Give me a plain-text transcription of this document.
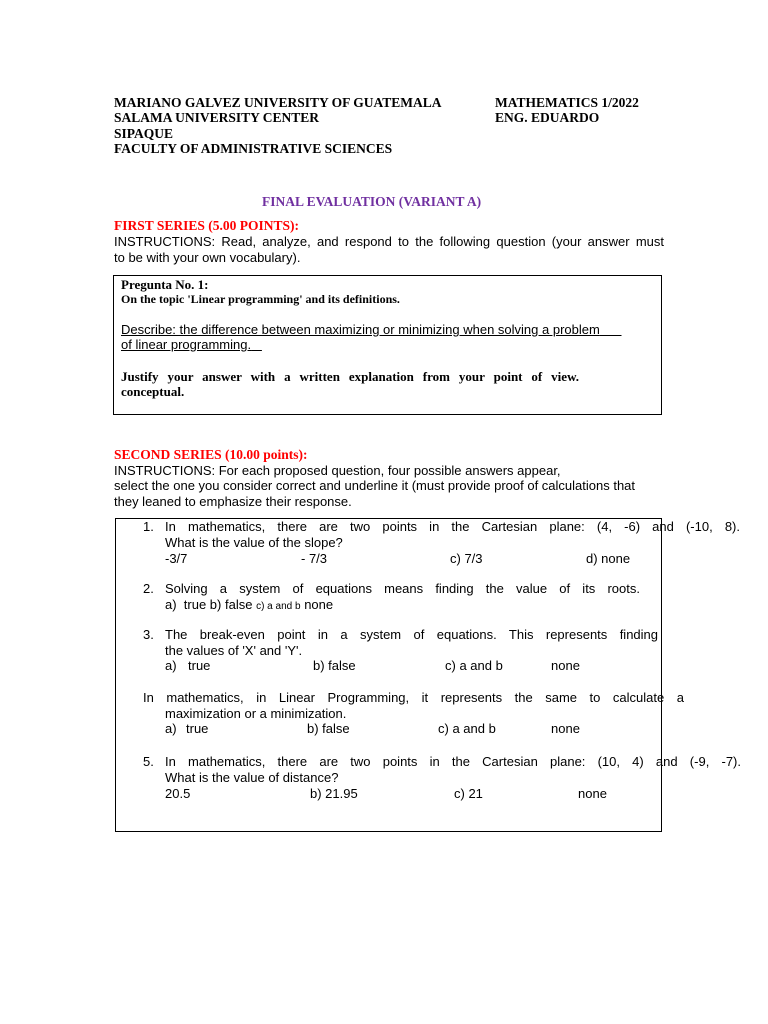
MARIANO GALVEZ UNIVERSITY OF GUATEMALA
SALAMA UNIVERSITY CENTER
SIPAQUE
FACULTY OF ADMINISTRATIVE SCIENCES
MATHEMATICS 1/2022
ENG. EDUARDO
FINAL EVALUATION (VARIANT A)
FIRST SERIES (5.00 POINTS):
INSTRUCTIONS: Read, analyze, and respond to the following question (your answer must
to be with your own vocabulary).
Pregunta No. 1:
On the topic 'Linear programming' and its definitions.
Describe: the difference between maximizing or minimizing when solving a problem
of linear programming.
Justify your answer with a written explanation from your point of view.
conceptual.
SECOND SERIES (10.00 points):
INSTRUCTIONS: For each proposed question, four possible answers appear,
select the one you consider correct and underline it (must provide proof of calculations that
they leaned to emphasize their response.
1. In mathematics, there are two points in the Cartesian plane: (4, -6) and (-10, 8).
What is the value of the slope?
-3/7	- 7/3	c) 7/3	d) none
2. Solving a system of equations means finding the value of its roots.
a) true b) false c) a and b none
3. The break-even point in a system of equations. This represents finding
the values of 'X' and 'Y'.
a) true	b) false	c) a and b	none
In mathematics, in Linear Programming, it represents the same to calculate a
maximization or a minimization.
a) true	b) false	c) a and b	none
5. In mathematics, there are two points in the Cartesian plane: (10, 4) and (-9, -7).
What is the value of distance?
20.5	b) 21.95	c) 21	none
